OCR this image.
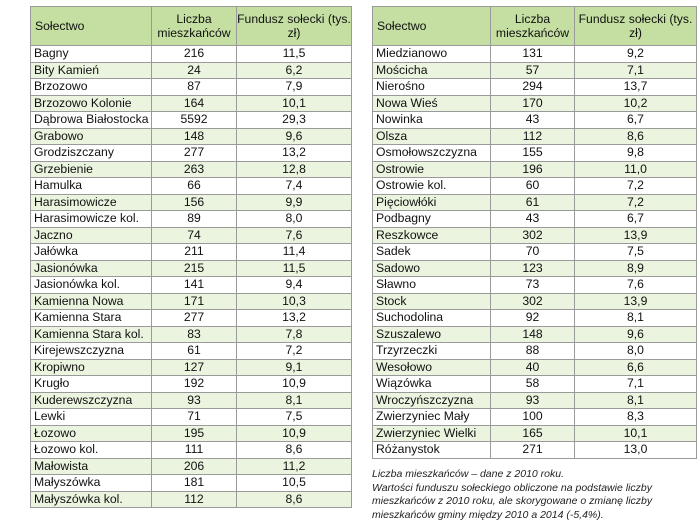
Sołectwo	Liczba mieszkańców	Fundusz sołecki (tys. zł)
Bagny	216	11,5
Bity Kamień	24	6,2
Brzozowo	87	7,9
Brzozowo Kolonie	164	10,1
Dąbrowa Białostocka	5592	29,3
Grabowo	148	9,6
Grodziszczany	277	13,2
Grzebienie	263	12,8
Hamulka	66	7,4
Harasimowicze	156	9,9
Harasimowicze kol.	89	8,0
Jaczno	74	7,6
Jałówka	211	11,4
Jasionówka	215	11,5
Jasionówka kol.	141	9,4
Kamienna Nowa	171	10,3
Kamienna Stara	277	13,2
Kamienna Stara kol.	83	7,8
Kirejewszczyzna	61	7,2
Kropiwno	127	9,1
Krugło	192	10,9
Kuderewszczyzna	93	8,1
Lewki	71	7,5
Łozowo	195	10,9
Łozowo kol.	111	8,6
Małowista	206	11,2
Małyszówka	181	10,5
Małyszówka kol.	112	8,6
Sołectwo	Liczba mieszkańców	Fundusz sołecki (tys. zł)
Miedzianowo	131	9,2
Mościcha	57	7,1
Nierośno	294	13,7
Nowa Wieś	170	10,2
Nowinka	43	6,7
Olsza	112	8,6
Osmołowszczyzna	155	9,8
Ostrowie	196	11,0
Ostrowie kol.	60	7,2
Pięciowłóki	61	7,2
Podbagny	43	6,7
Reszkowce	302	13,9
Sadek	70	7,5
Sadowo	123	8,9
Sławno	73	7,6
Stock	302	13,9
Suchodolina	92	8,1
Szuszalewo	148	9,6
Trzyrzeczki	88	8,0
Wesołowo	40	6,6
Wiązówka	58	7,1
Wroczyńszczyzna	93	8,1
Zwierzyniec Mały	100	8,3
Zwierzyniec Wielki	165	10,1
Różanystok	271	13,0

Liczba mieszkańców – dane z 2010 roku.

Wartości funduszu sołeckiego obliczone na podstawie liczby mieszkańców z 2010 roku, ale skorygowane o zmianę liczby mieszkańców gminy między 2010 a 2014 (-5,4%).
